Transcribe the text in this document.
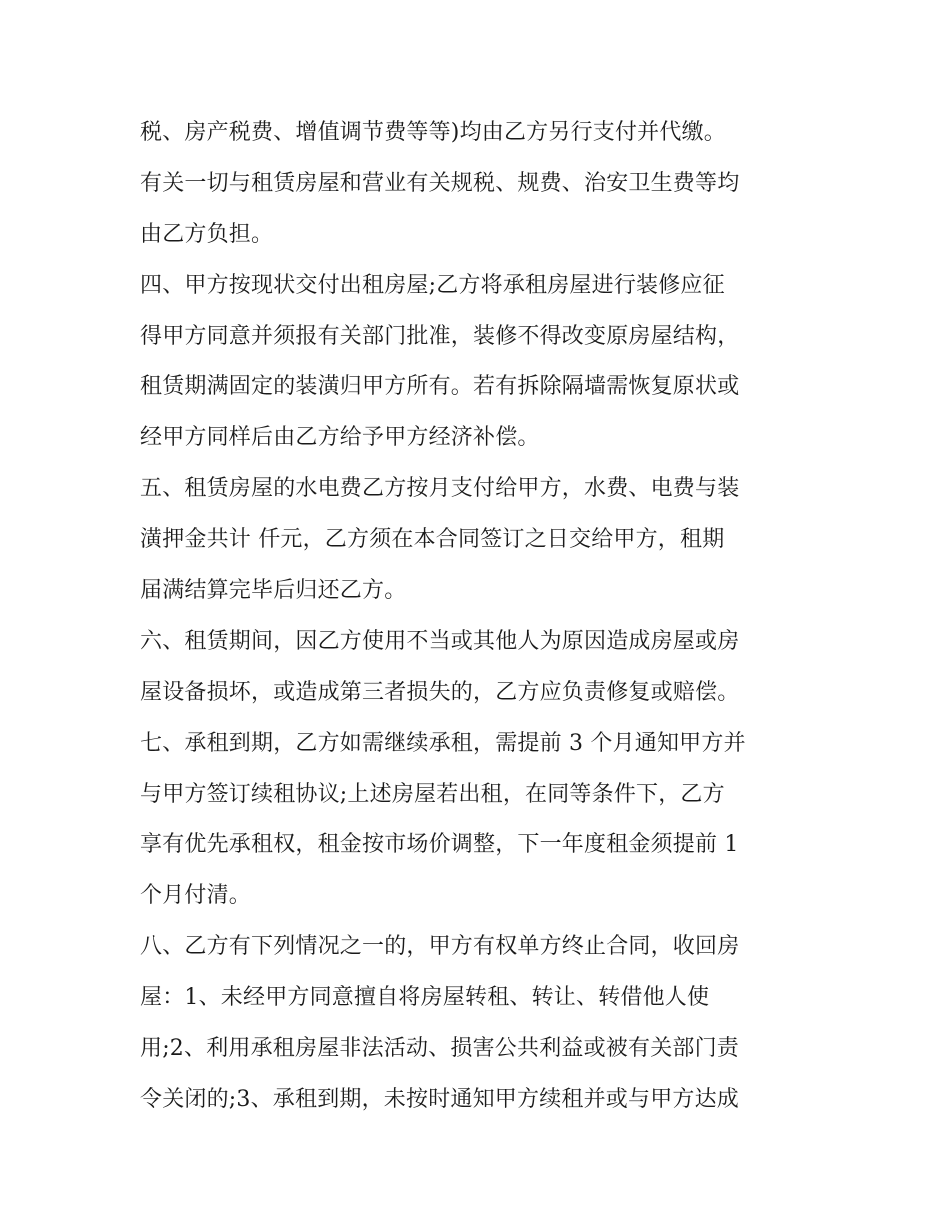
税、房产税费、增值调节费等等)均由乙方另行支付并代缴。
有关一切与租赁房屋和营业有关规税、规费、治安卫生费等均
由乙方负担。
四、甲方按现状交付出租房屋;乙方将承租房屋进行装修应征
得甲方同意并须报有关部门批准，装修不得改变原房屋结构，
租赁期满固定的装潢归甲方所有。若有拆除隔墙需恢复原状或
经甲方同样后由乙方给予甲方经济补偿。
五、租赁房屋的水电费乙方按月支付给甲方，水费、电费与装
潢押金共计 仟元，乙方须在本合同签订之日交给甲方，租期
届满结算完毕后归还乙方。
六、租赁期间，因乙方使用不当或其他人为原因造成房屋或房
屋设备损坏，或造成第三者损失的，乙方应负责修复或赔偿。
七、承租到期，乙方如需继续承租，需提前 3 个月通知甲方并
与甲方签订续租协议;上述房屋若出租，在同等条件下，乙方
享有优先承租权，租金按市场价调整，下一年度租金须提前 1
个月付清。
八、乙方有下列情况之一的，甲方有权单方终止合同，收回房
屋：1、未经甲方同意擅自将房屋转租、转让、转借他人使
用;2、利用承租房屋非法活动、损害公共利益或被有关部门责
令关闭的;3、承租到期，未按时通知甲方续租并或与甲方达成
